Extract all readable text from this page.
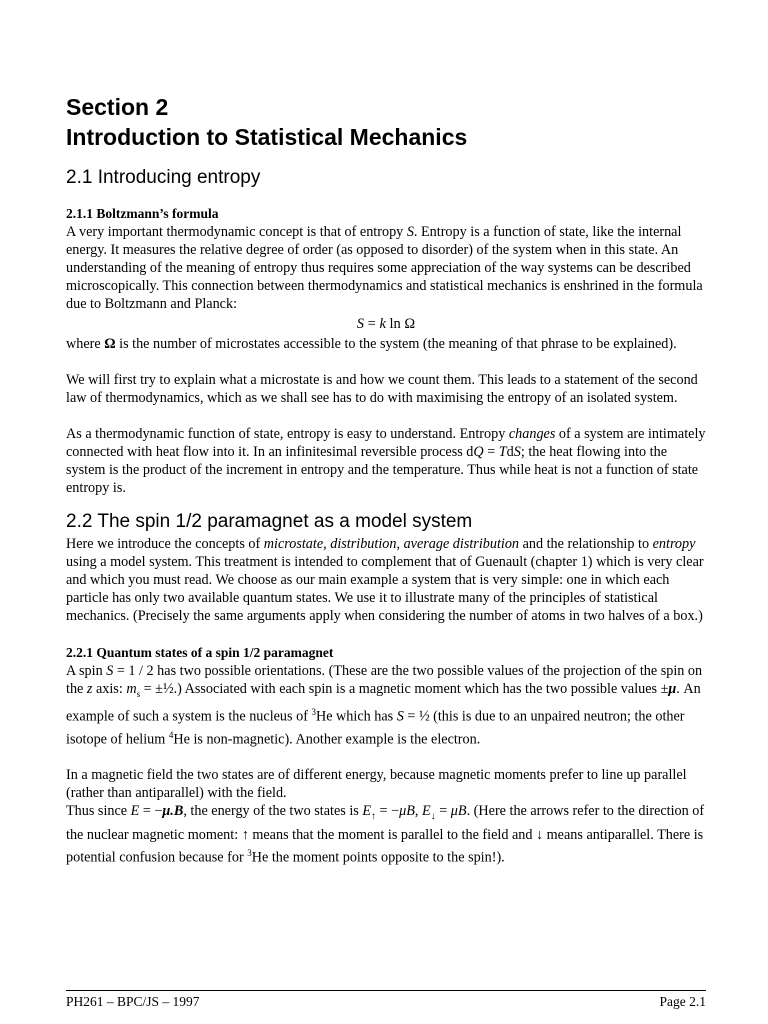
Section 2
Introduction to Statistical Mechanics
2.1 Introducing entropy
2.1.1 Boltzmann’s formula

A very important thermodynamic concept is that of entropy S. Entropy is a function of state, like the internal energy. It measures the relative degree of order (as opposed to disorder) of the system when in this state. An understanding of the meaning of entropy thus requires some appreciation of the way systems can be described microscopically. This connection between thermodynamics and statistical mechanics is enshrined in the formula due to Boltzmann and Planck:

S = k ln Ω

where Ω is the number of microstates accessible to the system (the meaning of that phrase to be explained).

We will first try to explain what a microstate is and how we count them. This leads to a statement of the second law of thermodynamics, which as we shall see has to do with maximising the entropy of an isolated system.

As a thermodynamic function of state, entropy is easy to understand. Entropy changes of a system are intimately connected with heat flow into it. In an infinitesimal reversible process dQ = TdS; the heat flowing into the system is the product of the increment in entropy and the temperature. Thus while heat is not a function of state entropy is.

2.2 The spin 1/2 paramagnet as a model system

Here we introduce the concepts of microstate, distribution, average distribution and the relationship to entropy using a model system. This treatment is intended to complement that of Guenault (chapter 1) which is very clear and which you must read. We choose as our main example a system that is very simple: one in which each particle has only two available quantum states. We use it to illustrate many of the principles of statistical mechanics. (Precisely the same arguments apply when considering the number of atoms in two halves of a box.)

2.2.1 Quantum states of a spin 1/2 paramagnet

A spin S = 1 / 2 has two possible orientations. (These are the two possible values of the projection of the spin on the z axis: $m_s$ = ±½.) Associated with each spin is a magnetic moment which has the two possible values ±μ. An example of such a system is the nucleus of $^3$He which has S = ½ (this is due to an unpaired neutron; the other isotope of helium $^4$He is non-magnetic). Another example is the electron.

In a magnetic field the two states are of different energy, because magnetic moments prefer to line up parallel (rather than antiparallel) with the field.

Thus since E = −μ.B, the energy of the two states is $E_↑ = -\mu B$, $E_↓ = \mu B$. (Here the arrows refer to the direction of the nuclear magnetic moment: ↑ means that the moment is parallel to the field and ↓ means antiparallel. There is potential confusion because for $^3$He the moment points opposite to the spin!).

PH261 – BPC/JS – 1997	Page 2.1
